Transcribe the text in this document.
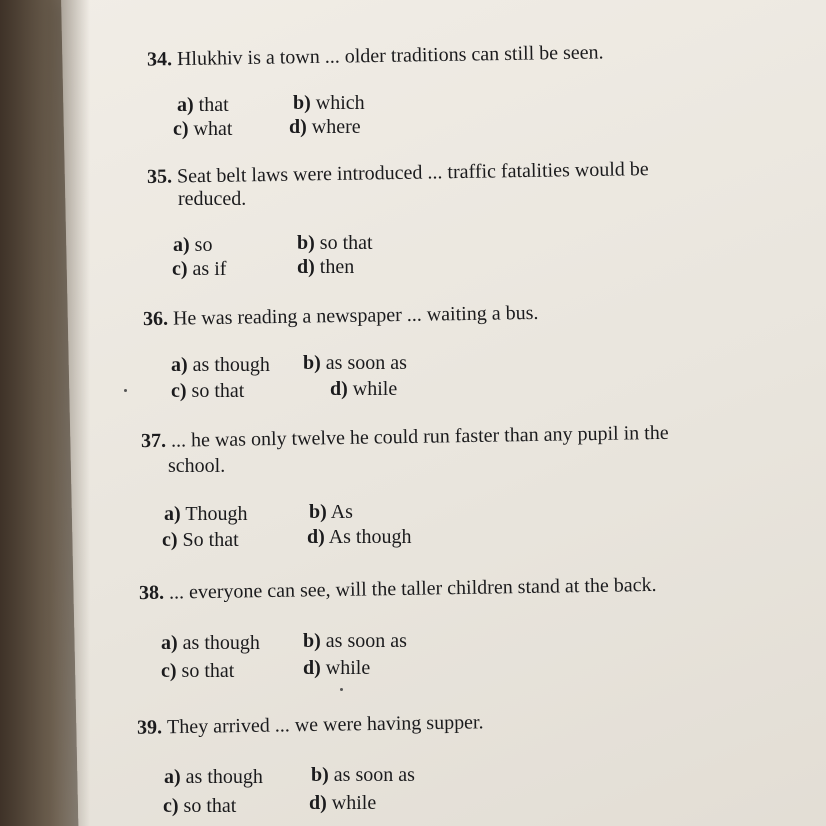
34. Hlukhiv is a town ... older traditions can still be seen.
a) that	b) which
c) what	d) where
35. Seat belt laws were introduced ... traffic fatalities would be
reduced.
a) so	b) so that
c) as if	d) then
36. He was reading a newspaper ... waiting a bus.
a) as though b) as soon as
c) so that	d) while
37. ... he was only twelve he could run faster than any pupil in the
school.
a) Though	b) As
c) So that	d) As though
38. ... everyone can see, will the taller children stand at the back.
a) as though b) as soon as
c) so that	d) while
39. They arrived ... we were having supper.
a) as though b) as soon as
c) so that	d) while
